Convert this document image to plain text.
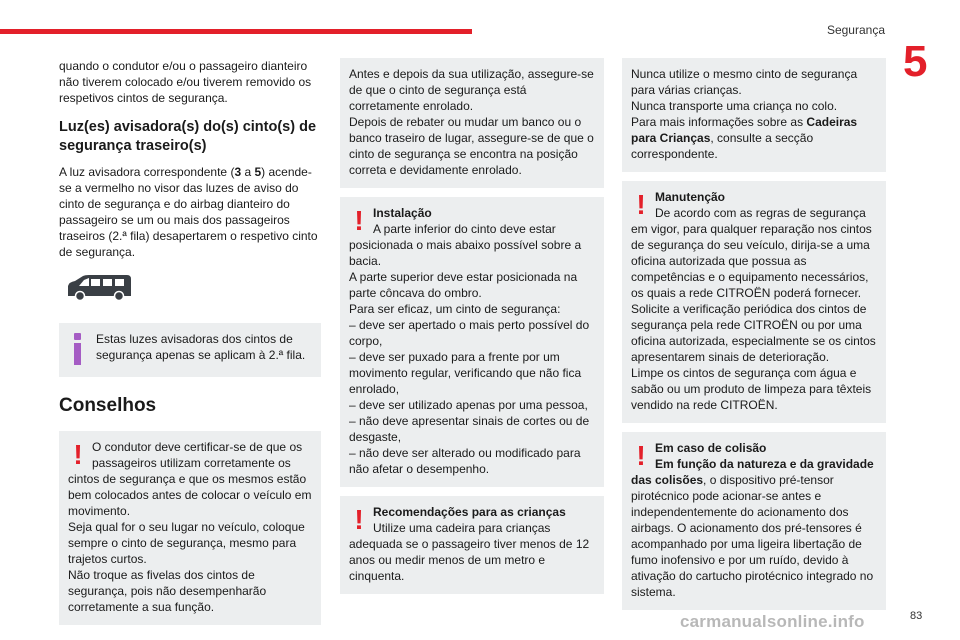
Segurança
5

quando o condutor e/ou o passageiro dianteiro não tiverem colocado e/ou tiverem removido os respetivos cintos de segurança.

Luz(es) avisadora(s) do(s) cinto(s) de segurança traseiro(s)

A luz avisadora correspondente (3 a 5) acende-se a vermelho no visor das luzes de aviso do cinto de segurança e do airbag dianteiro do passageiro se um ou mais dos passageiros traseiros (2.ª fila) desapertarem o respetivo cinto de segurança.

Estas luzes avisadoras dos cintos de segurança apenas se aplicam à 2.ª fila.
Conselhos
! O condutor deve certificar-se de que os passageiros utilizam corretamente os cintos de segurança e que os mesmos estão bem colocados antes de colocar o veículo em movimento.
Seja qual for o seu lugar no veículo, coloque sempre o cinto de segurança, mesmo para trajetos curtos.
Não troque as fivelas dos cintos de segurança, pois não desempenharão corretamente a sua função.
Antes e depois da sua utilização, assegure-se de que o cinto de segurança está corretamente enrolado.
Depois de rebater ou mudar um banco ou o banco traseiro de lugar, assegure-se de que o cinto de segurança se encontra na posição correta e devidamente enrolado.
! Instalação
A parte inferior do cinto deve estar posicionada o mais abaixo possível sobre a bacia.
A parte superior deve estar posicionada na parte côncava do ombro.
Para ser eficaz, um cinto de segurança:
– deve ser apertado o mais perto possível do corpo,
– deve ser puxado para a frente por um movimento regular, verificando que não fica enrolado,
– deve ser utilizado apenas por uma pessoa,
– não deve apresentar sinais de cortes ou de desgaste,
– não deve ser alterado ou modificado para não afetar o desempenho.
! Recomendações para as crianças
Utilize uma cadeira para crianças adequada se o passageiro tiver menos de 12 anos ou medir menos de um metro e cinquenta.
Nunca utilize o mesmo cinto de segurança para várias crianças.
Nunca transporte uma criança no colo.
Para mais informações sobre as Cadeiras para Crianças, consulte a secção correspondente.
! Manutenção
De acordo com as regras de segurança em vigor, para qualquer reparação nos cintos de segurança do seu veículo, dirija-se a uma oficina autorizada que possua as competências e o equipamento necessários, os quais a rede CITROËN poderá fornecer.
Solicite a verificação periódica dos cintos de segurança pela rede CITROËN ou por uma oficina autorizada, especialmente se os cintos apresentarem sinais de deterioração.
Limpe os cintos de segurança com água e sabão ou um produto de limpeza para têxteis vendido na rede CITROËN.
! Em caso de colisão
Em função da natureza e da gravidade das colisões, o dispositivo pré-tensor pirotécnico pode acionar-se antes e independentemente do acionamento dos airbags. O acionamento dos pré-tensores é acompanhado por uma ligeira libertação de fumo inofensivo e por um ruído, devido à ativação do cartucho pirotécnico integrado no sistema.
carmanualsonline.info	83
